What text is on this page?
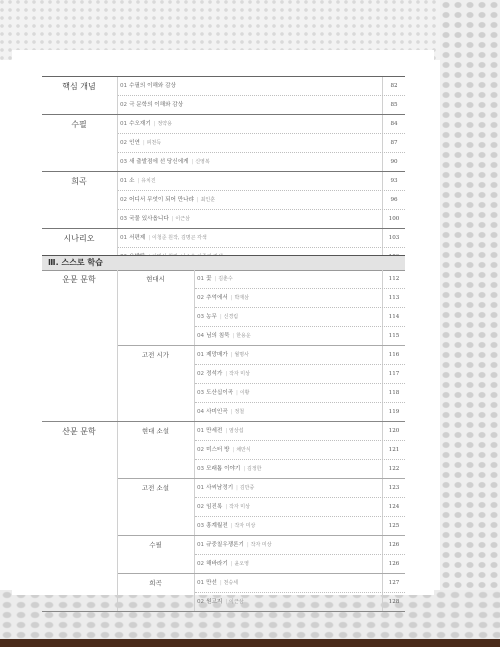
핵심 개념	01 수필의 이해와 감상	82
02 극 문학의 이해와 감상	85
수필	01 수오재기 | 정약용	84
02 인연 | 피천득	87
03 새 출발점에 선 당신에게 | 신영복	90
희곡	01 소 | 유치진	93
02 어디서 무엇이 되어 만나랴 | 최인훈	96
03 국물 있사옵니다 | 이근삼	100
시나리오	01 서편제 | 이청준 원작, 김명곤 각색	103
|
Ⅲ. 스스로 학습
운문 문학	현대시	01 꽃 | 김춘수	112
02 추억에서 | 박재삼	113
03 농무 | 신경림	114
04 님의 침묵 | 한용운	115
고전 시가	01 제망매가 | 월명사	116
02 정석가 | 작자 미상	117
03 도산십이곡 | 이황	118
04 사미인곡 | 정철	119
산문 문학	현대 소설	01 만세전 | 염상섭	120
02 미스터 방 | 채만식	121
03 모래톱 이야기 | 김정한	122
고전 소설	01 사씨남정기 | 김만중	123
02 임진록 | 작자 미상	124
03 흥계월전 | 작자 미상	125
수필	01 규중칠우쟁론기 | 작자 미상	126
02 해바라기 | 윤오영	126
희곡	01 만선 | 천승세	127
02 원고지 | 이근삼	128
